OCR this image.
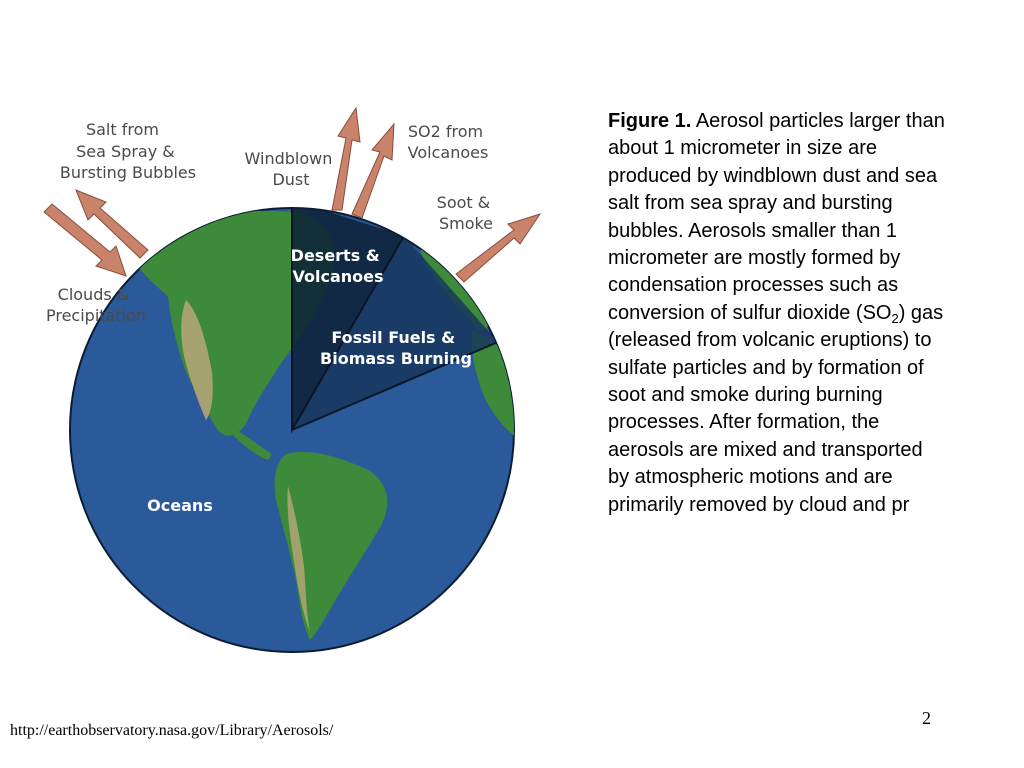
Salt from Sea Spray & Bursting Bubbles
Windblown Dust
SO2 from Volcanoes
Soot & Smoke
Clouds & Precipitation
Deserts & Volcanoes
Fossil Fuels & Biomass Burning
Oceans
Figure 1. Aerosol particles larger than about 1 micrometer in size are produced by windblown dust and sea salt from sea spray and bursting bubbles. Aerosols smaller than 1 micrometer are mostly formed by condensation processes such as conversion of sulfur dioxide $(SO_2)$ gas (released from volcanic eruptions) to sulfate particles and by formation of soot and smoke during burning processes. After formation, the aerosols are mixed and transported by atmospheric motions and are primarily removed by cloud and pr
2
http://earthobservatory.nasa.gov/Library/Aerosols/
